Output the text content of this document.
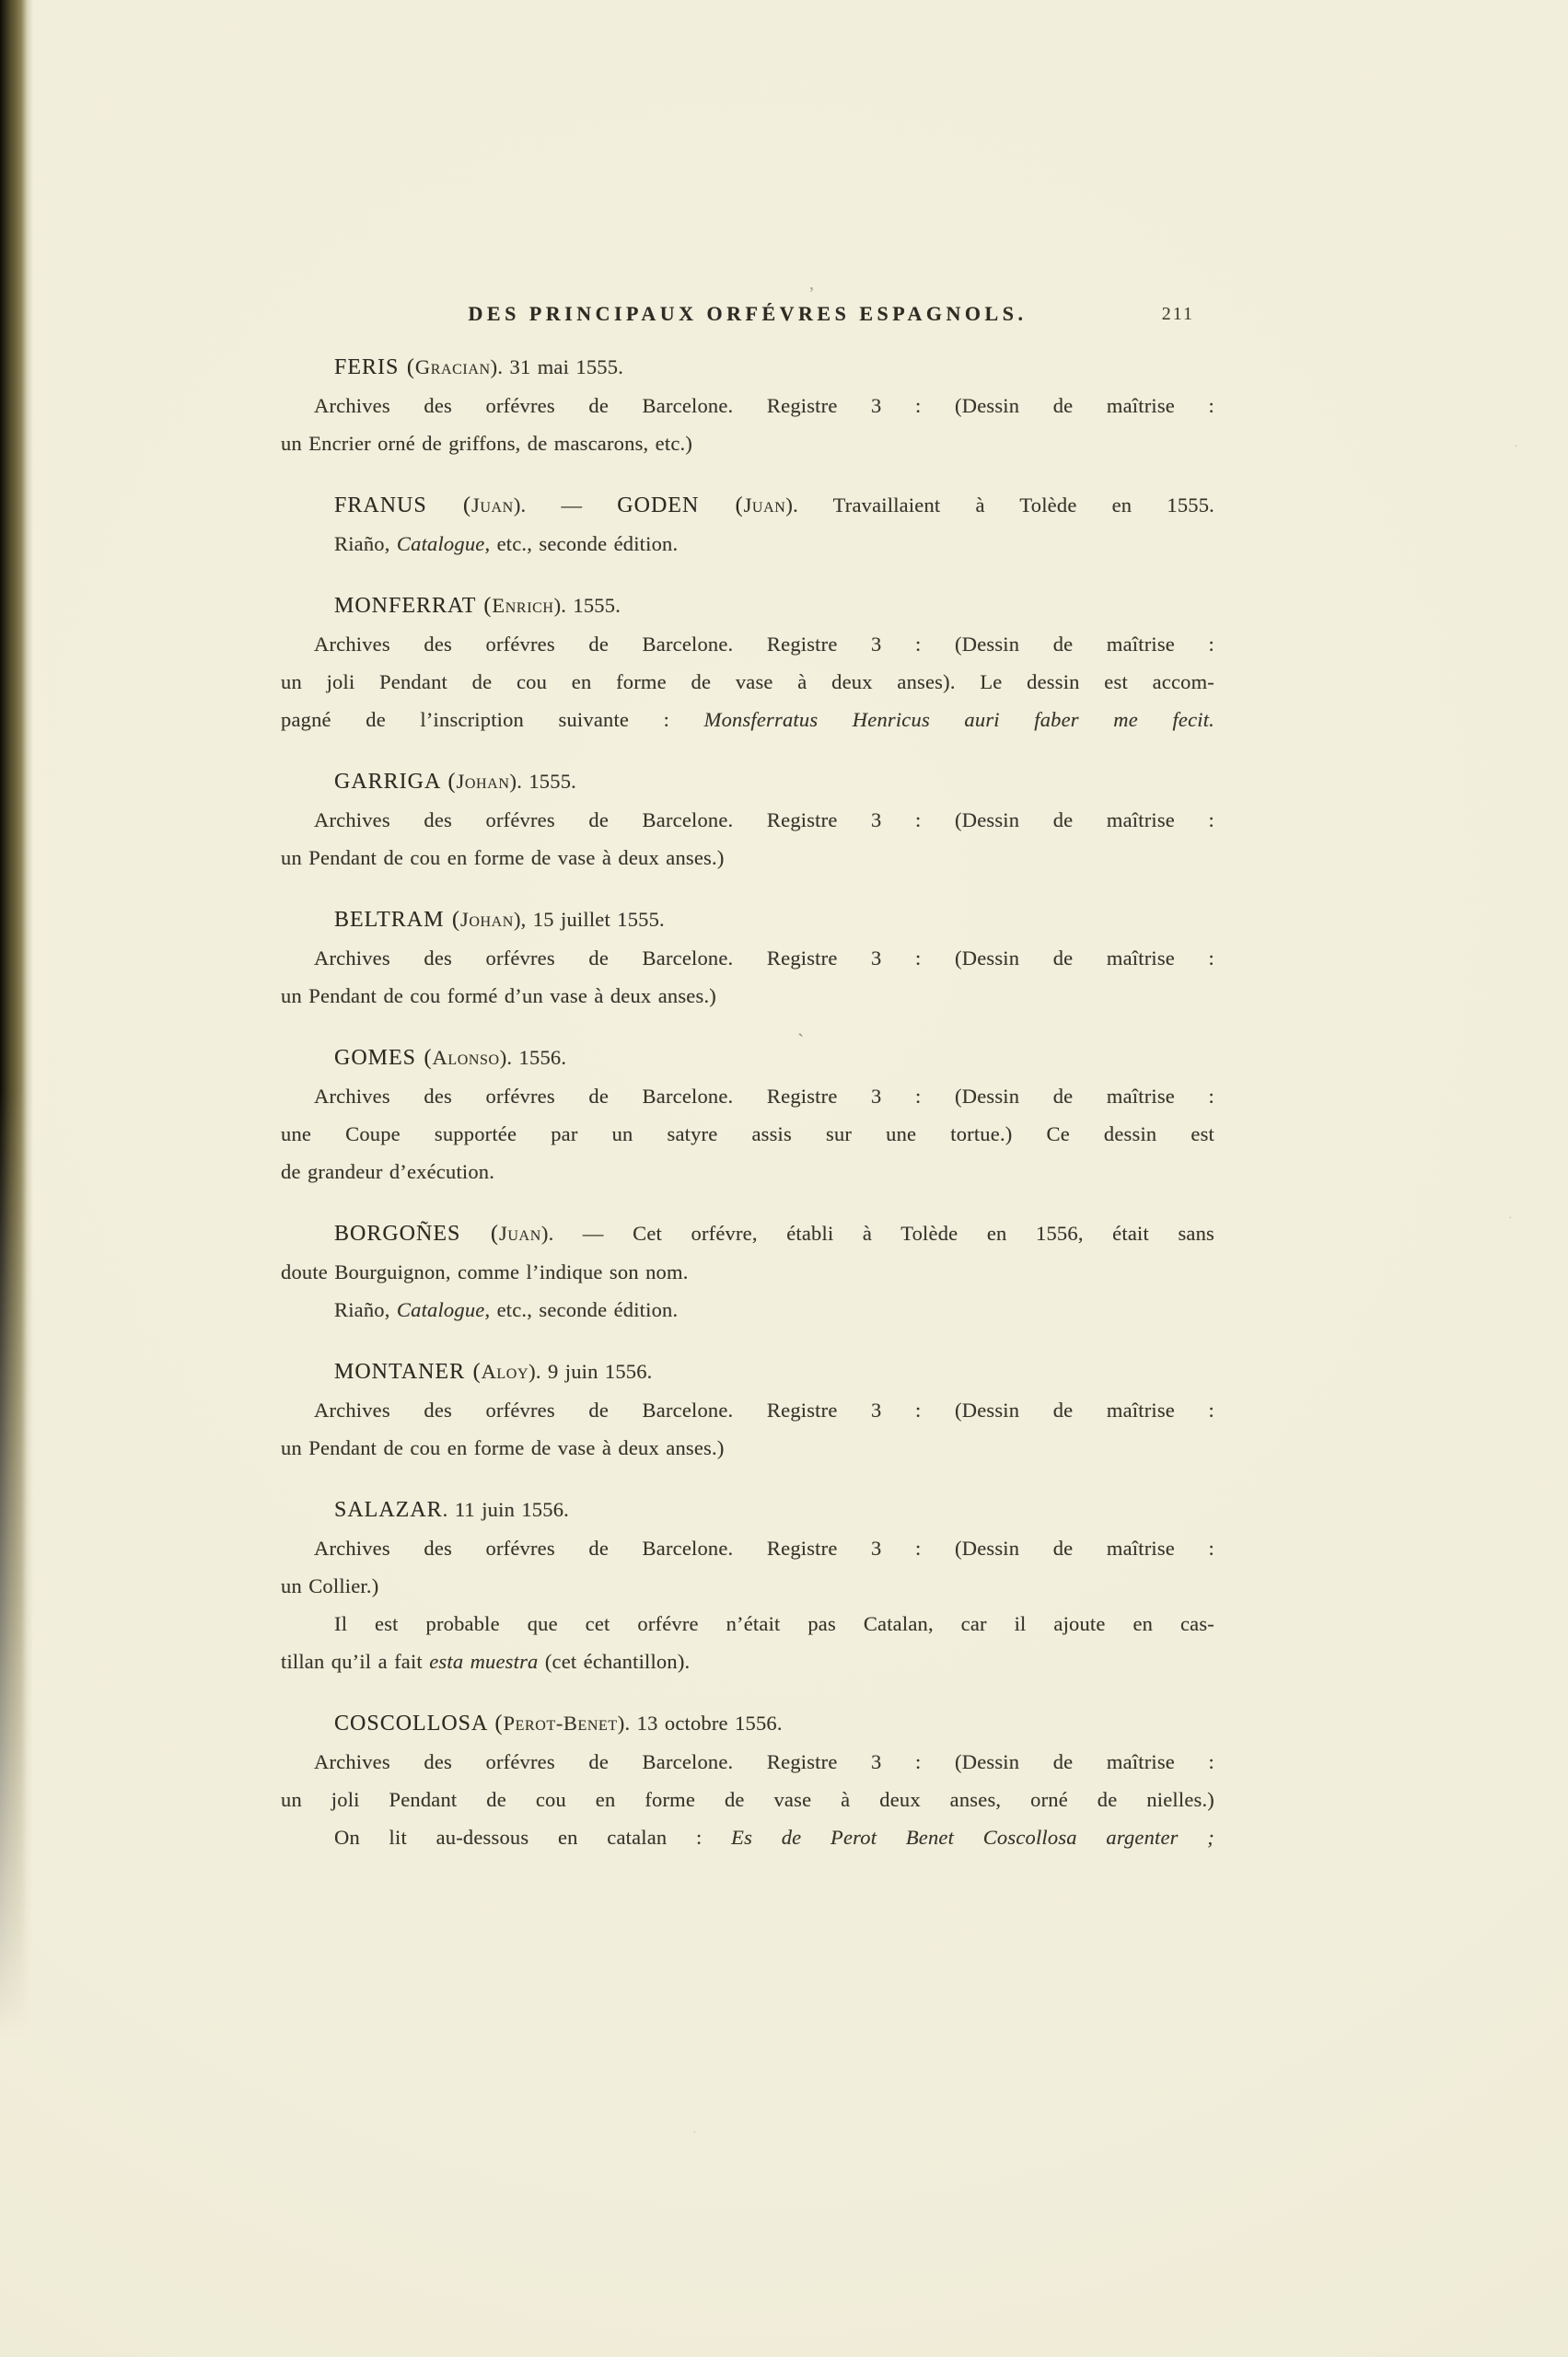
DES PRINCIPAUX ORFÉVRES ESPAGNOLS.	211
FERIS (Gracian). 31 mai 1555.
Archives des orfévres de Barcelone. Registre 3 : (Dessin de maîtrise :
un Encrier orné de griffons, de mascarons, etc.)
FRANUS (Juan). — GODEN (Juan). Travaillaient à Tolède en 1555.
Riaño, Catalogue, etc., seconde édition.
MONFERRAT (Enrich). 1555.
Archives des orfévres de Barcelone. Registre 3 : (Dessin de maîtrise :
un joli Pendant de cou en forme de vase à deux anses). Le dessin est accom-
pagné de l’inscription suivante : Monsferratus Henricus auri faber me fecit.
GARRIGA (Johan). 1555.
Archives des orfévres de Barcelone. Registre 3 : (Dessin de maîtrise :
un Pendant de cou en forme de vase à deux anses.)
BELTRAM (Johan), 15 juillet 1555.
Archives des orfévres de Barcelone. Registre 3 : (Dessin de maîtrise :
un Pendant de cou formé d’un vase à deux anses.)
GOMES (Alonso). 1556.
Archives des orfévres de Barcelone. Registre 3 : (Dessin de maîtrise :
une Coupe supportée par un satyre assis sur une tortue.) Ce dessin est
de grandeur d’exécution.
BORGOÑES (Juan). — Cet orfévre, établi à Tolède en 1556, était sans
doute Bourguignon, comme l’indique son nom.
Riaño, Catalogue, etc., seconde édition.
MONTANER (Aloy). 9 juin 1556.
Archives des orfévres de Barcelone. Registre 3 : (Dessin de maîtrise :
un Pendant de cou en forme de vase à deux anses.)
SALAZAR. 11 juin 1556.
Archives des orfévres de Barcelone. Registre 3 : (Dessin de maîtrise :
un Collier.)
Il est probable que cet orfévre n’était pas Catalan, car il ajoute en cas-
tillan qu’il a fait esta muestra (cet échantillon).
COSCOLLOSA (Perot-Benet). 13 octobre 1556.
Archives des orfévres de Barcelone. Registre 3 : (Dessin de maîtrise :
un joli Pendant de cou en forme de vase à deux anses, orné de nielles.)
On lit au-dessous en catalan : Es de Perot Benet Coscollosa argenter ;
’
`
·
·
·
